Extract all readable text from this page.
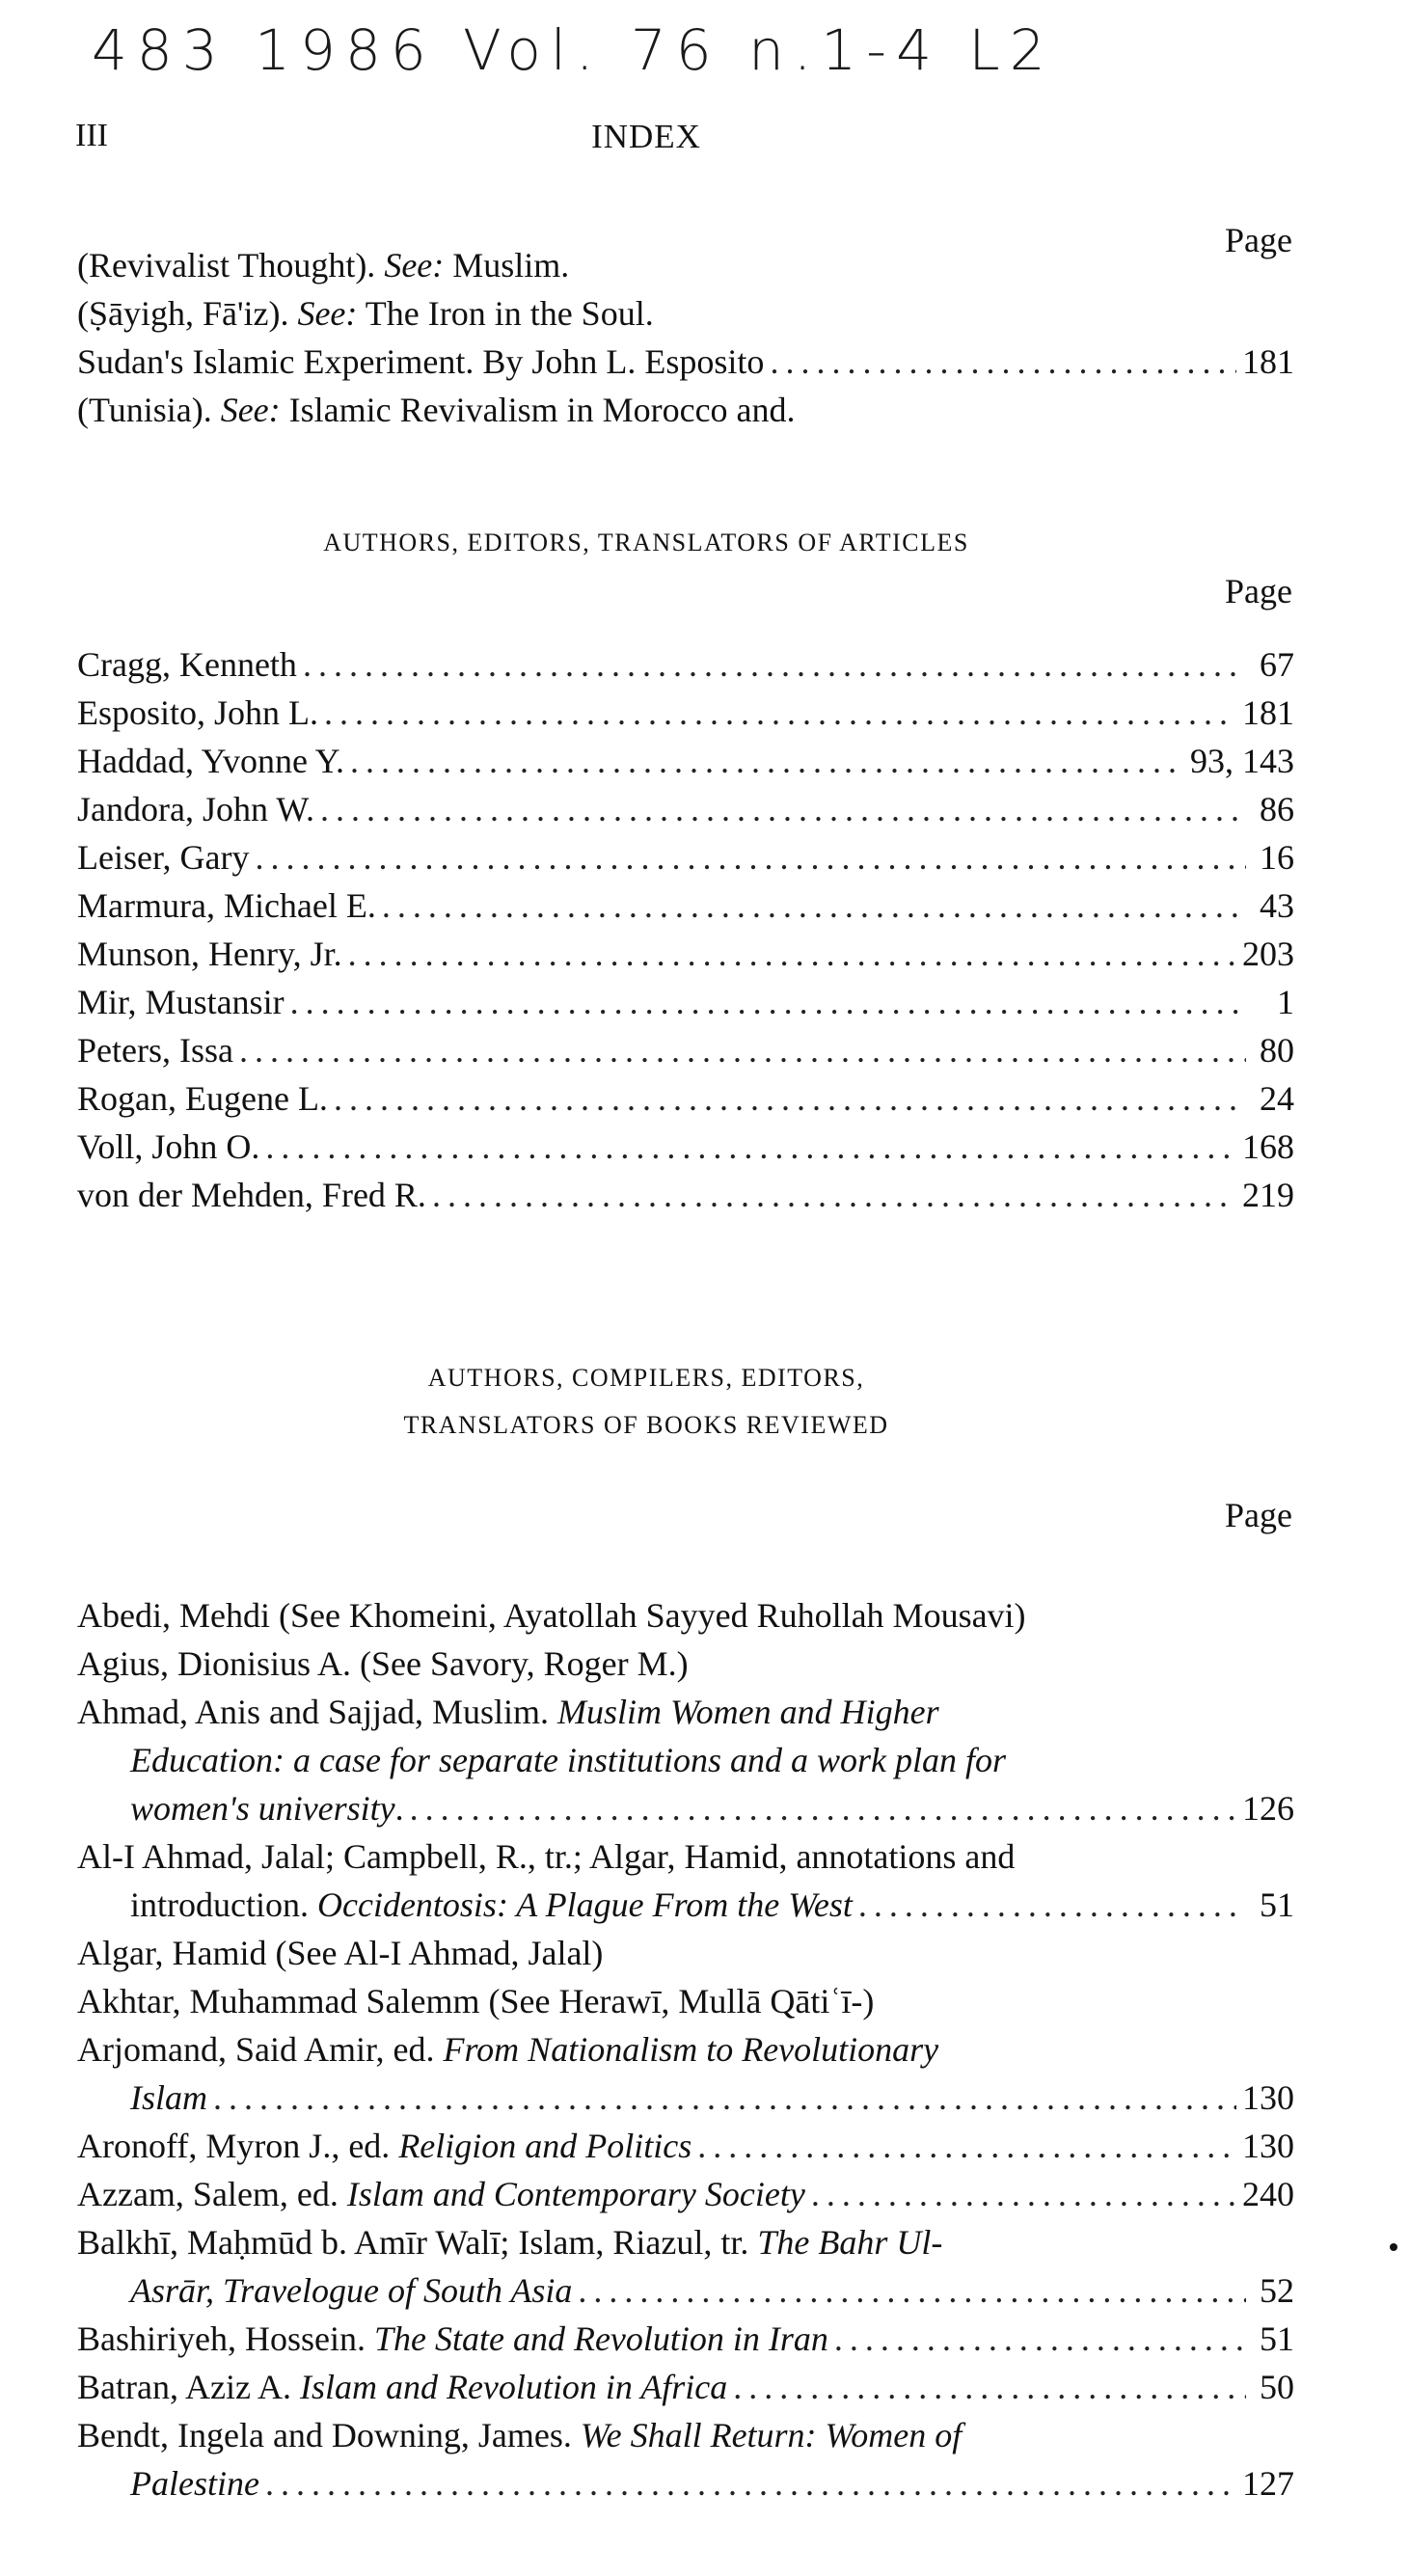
483 1986 Vol. 76 n.1-4 L2
III	INDEX
Page
(Revivalist Thought). See: Muslim.
(Ṣāyigh, Fā'iz). See: The Iron in the Soul.
Sudan's Islamic Experiment. By John L. Esposito . . .	181
(Tunisia). See: Islamic Revivalism in Morocco and.
AUTHORS, EDITORS, TRANSLATORS OF ARTICLES
Page
Cragg, Kenneth . . .	67
Esposito, John L. . . .	181
Haddad, Yvonne Y. . . .	93, 143
Jandora, John W. . . .	86
Leiser, Gary . . .	16
Marmura, Michael E. . . .	43
Munson, Henry, Jr. . . .	203
Mir, Mustansir . . .	1
Peters, Issa . . .	80
Rogan, Eugene L. . . .	24
Voll, John O. . . .	168
von der Mehden, Fred R. . . .	219
AUTHORS, COMPILERS, EDITORS,
TRANSLATORS OF BOOKS REVIEWED
Page
Abedi, Mehdi (See Khomeini, Ayatollah Sayyed Ruhollah Mousavi)
Agius, Dionisius A. (See Savory, Roger M.)
Ahmad, Anis and Sajjad, Muslim. Muslim Women and Higher
Education: a case for separate institutions and a work plan for
women's university. . . .	126
Al-I Ahmad, Jalal; Campbell, R., tr.; Algar, Hamid, annotations and
introduction. Occidentosis: A Plague From the West . . .	51
Algar, Hamid (See Al-I Ahmad, Jalal)
Akhtar, Muhammad Salemm (See Herawī, Mullā Qātiʿī-)
Arjomand, Said Amir, ed. From Nationalism to Revolutionary
Islam . . .	130
Aronoff, Myron J., ed. Religion and Politics . . .	130
Azzam, Salem, ed. Islam and Contemporary Society . . .	240
Balkhī, Maḥmūd b. Amīr Walī; Islam, Riazul, tr. The Bahr Ul-
Asrār, Travelogue of South Asia . . .	52
Bashiriyeh, Hossein. The State and Revolution in Iran . . .	51
Batran, Aziz A. Islam and Revolution in Africa . . .	50
Bendt, Ingela and Downing, James. We Shall Return: Women of
Palestine . . .	127
